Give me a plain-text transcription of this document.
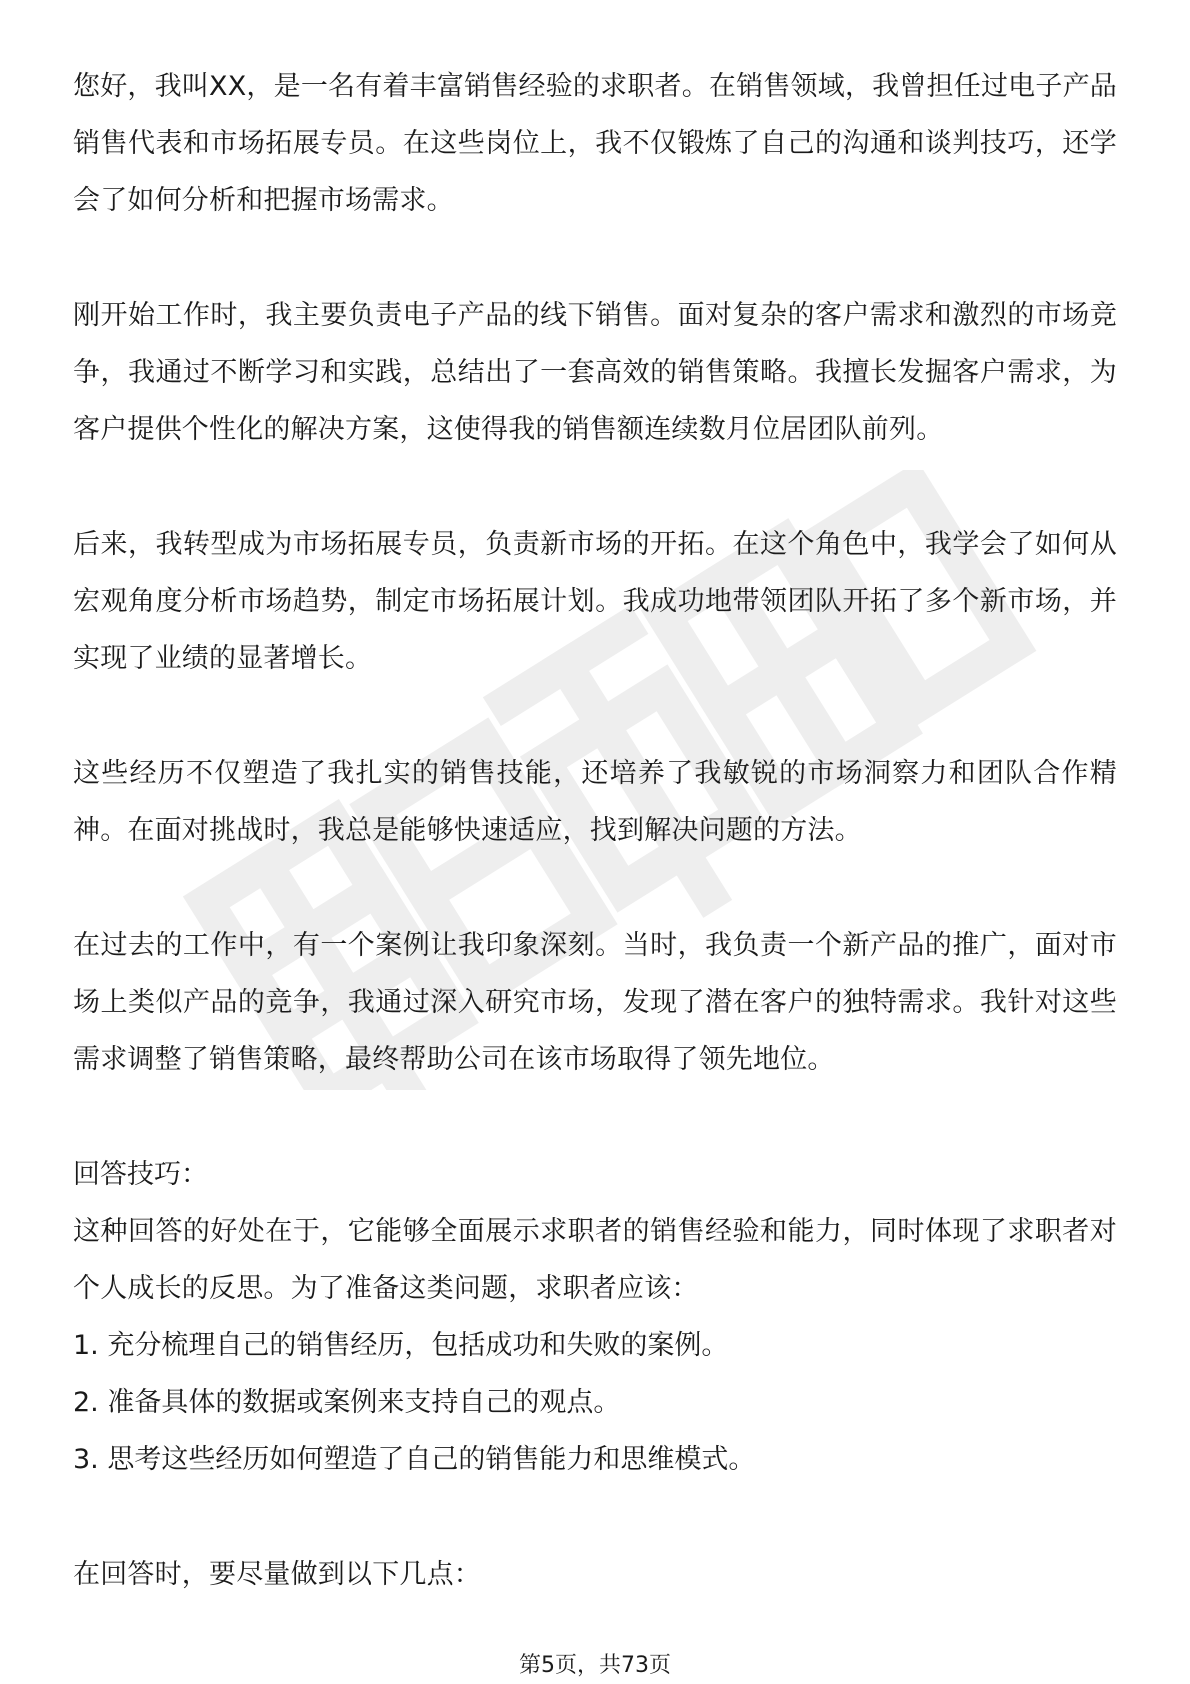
您好，我叫XX，是一名有着丰富销售经验的求职者。在销售领域，我曾担任过电子产品销售代表和市场拓展专员。在这些岗位上，我不仅锻炼了自己的沟通和谈判技巧，还学会了如何分析和把握市场需求。

刚开始工作时，我主要负责电子产品的线下销售。面对复杂的客户需求和激烈的市场竞争，我通过不断学习和实践，总结出了一套高效的销售策略。我擅长发掘客户需求，为客户提供个性化的解决方案，这使得我的销售额连续数月位居团队前列。

后来，我转型成为市场拓展专员，负责新市场的开拓。在这个角色中，我学会了如何从宏观角度分析市场趋势，制定市场拓展计划。我成功地带领团队开拓了多个新市场，并实现了业绩的显著增长。

这些经历不仅塑造了我扎实的销售技能，还培养了我敏锐的市场洞察力和团队合作精神。在面对挑战时，我总是能够快速适应，找到解决问题的方法。

在过去的工作中，有一个案例让我印象深刻。当时，我负责一个新产品的推广，面对市场上类似产品的竞争，我通过深入研究市场，发现了潜在客户的独特需求。我针对这些需求调整了销售策略，最终帮助公司在该市场取得了领先地位。

回答技巧：

这种回答的好处在于，它能够全面展示求职者的销售经验和能力，同时体现了求职者对个人成长的反思。为了准备这类问题，求职者应该：

1. 充分梳理自己的销售经历，包括成功和失败的案例。

2. 准备具体的数据或案例来支持自己的观点。

3. 思考这些经历如何塑造了自己的销售能力和思维模式。

在回答时，要尽量做到以下几点：

第5页，共73页
